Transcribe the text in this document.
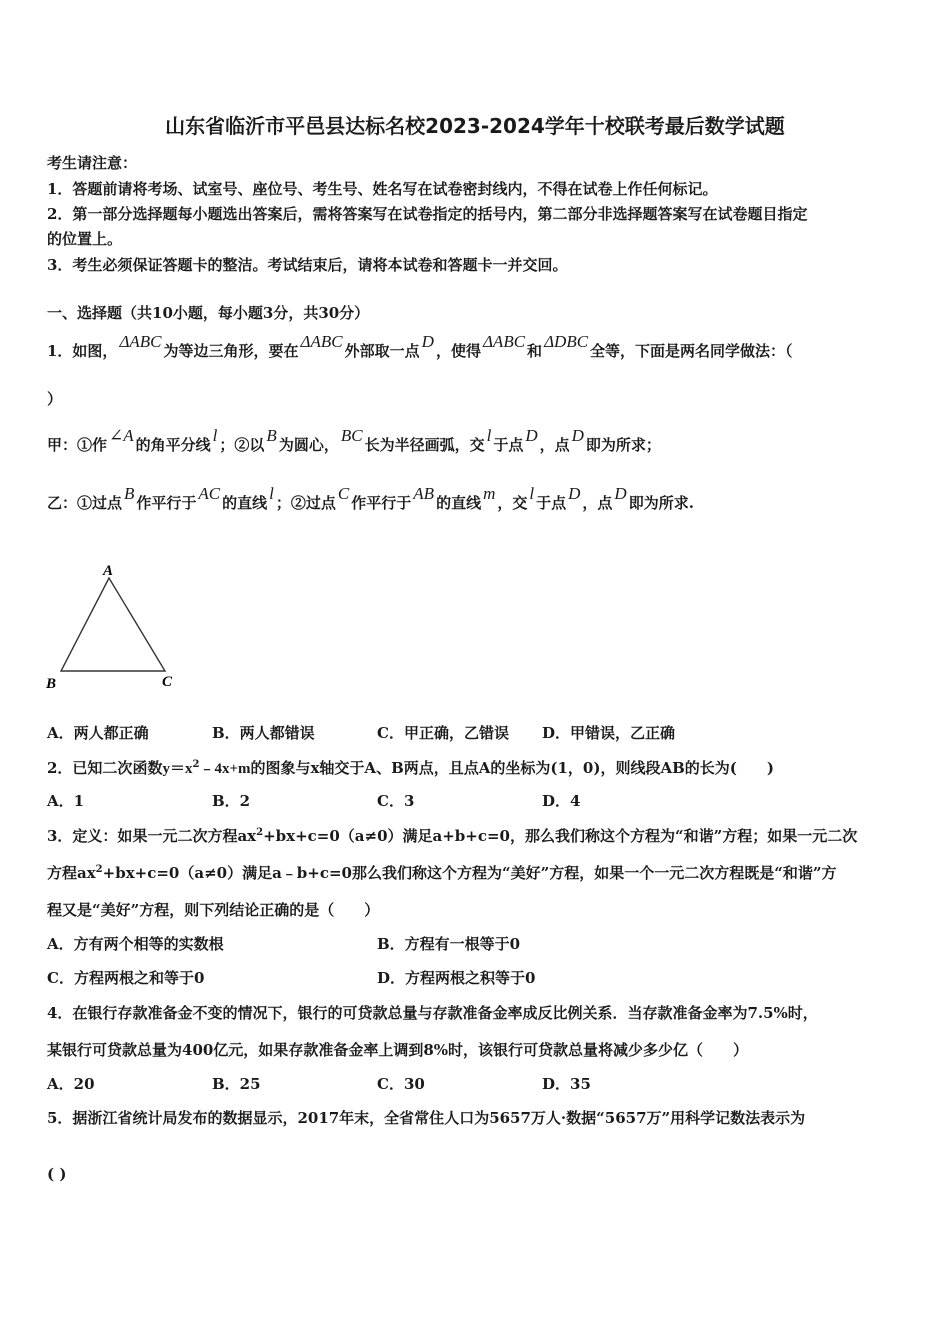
山东省临沂市平邑县达标名校2023-2024学年十校联考最后数学试题
考生请注意：
1．答题前请将考场、试室号、座位号、考生号、姓名写在试卷密封线内，不得在试卷上作任何标记。
2．第一部分选择题每小题选出答案后，需将答案写在试卷指定的括号内，第二部分非选择题答案写在试卷题目指定
的位置上。
3．考生必须保证答题卡的整洁。考试结束后，请将本试卷和答题卡一并交回。
一、选择题（共10小题，每小题3分，共30分）
1．如图， ΔABC 为等边三角形，要在 ΔABC 外部取一点 D ，使得 ΔABC 和 ΔDBC 全等，下面是两名同学做法：（
）
甲：①作 ∠A 的角平分线 l ；②以 B 为圆心， BC 长为半径画弧，交 l 于点 D ，点 D 即为所求；
乙：①过点 B 作平行于 AC 的直线 l ；②过点 C 作平行于 AB 的直线 m ，交 l 于点 D ，点 D 即为所求.
A
B	C
A．两人都正确	B．两人都错误	C．甲正确，乙错误 D．甲错误，乙正确
2．已知二次函数$y=x^2﹣4x+m$的图象与x轴交于A、B两点，且点A的坐标为(1，0)，则线段AB的长为(　　)
A．1	B．2	C．3	D．4
3．定义：如果一元二次方程$ax^2+bx+c=0(a\ne 0)$满足a+b+c=0，那么我们称这个方程为“和谐”方程；如果一元二次
方程$ax^2+bx+c=0(a\ne 0)$满足a﹣b+c=0那么我们称这个方程为“美好”方程，如果一个一元二次方程既是“和谐”方
程又是“美好”方程，则下列结论正确的是（　　）
A．方有两个相等的实数根	B．方程有一根等于0
C．方程两根之和等于0	D．方程两根之积等于0
4．在银行存款准备金不变的情况下，银行的可贷款总量与存款准备金率成反比例关系．当存款准备金率为7.5%时，
某银行可贷款总量为400亿元，如果存款准备金率上调到8%时，该银行可贷款总量将减少多少亿（　　）
A．20	B．25	C．30	D．35
5．据浙江省统计局发布的数据显示，2017年末，全省常住人口为5657万人·数据“5657万”用科学记数法表示为
( )
